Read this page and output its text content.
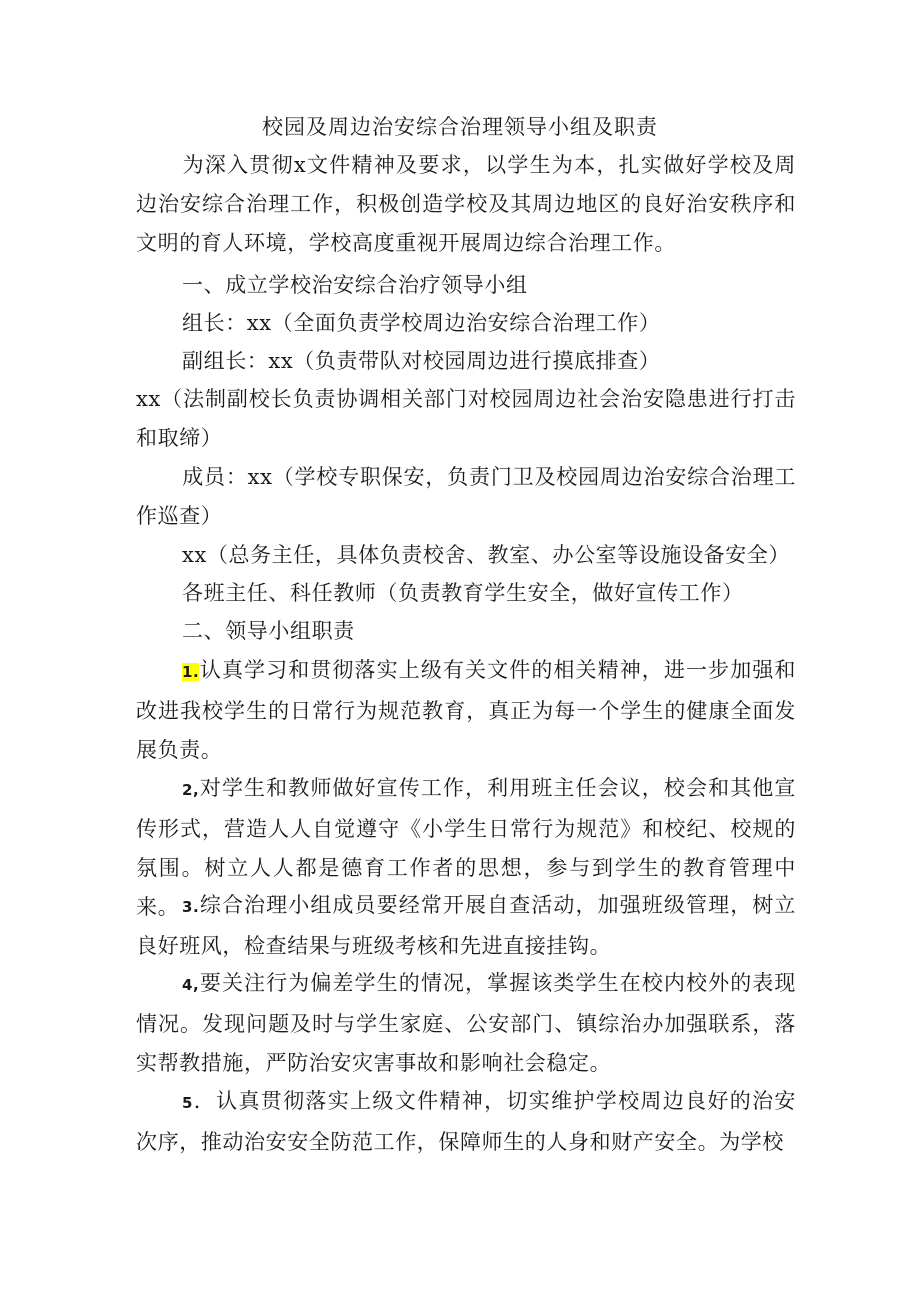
校园及周边治安综合治理领导小组及职责
为深入贯彻x文件精神及要求，以学生为本，扎实做好学校及周边治安综合治理工作，积极创造学校及其周边地区的良好治安秩序和文明的育人环境，学校高度重视开展周边综合治理工作。
一、成立学校治安综合治疗领导小组
组长：xx（全面负责学校周边治安综合治理工作）
副组长：xx（负责带队对校园周边进行摸底排查）
xx（法制副校长负责协调相关部门对校园周边社会治安隐患进行打击和取缔）
成员：xx（学校专职保安，负责门卫及校园周边治安综合治理工作巡查）
xx（总务主任，具体负责校舍、教室、办公室等设施设备安全）
各班主任、科任教师（负责教育学生安全，做好宣传工作）
二、领导小组职责
1.认真学习和贯彻落实上级有关文件的相关精神，进一步加强和改进我校学生的日常行为规范教育，真正为每一个学生的健康全面发展负责。
2,对学生和教师做好宣传工作，利用班主任会议，校会和其他宣传形式，营造人人自觉遵守《小学生日常行为规范》和校纪、校规的氛围。树立人人都是德育工作者的思想，参与到学生的教育管理中来。 3.综合治理小组成员要经常开展自查活动，加强班级管理，树立良好班风，检查结果与班级考核和先进直接挂钩。
4,要关注行为偏差学生的情况，掌握该类学生在校内校外的表现情况。发现问题及时与学生家庭、公安部门、镇综治办加强联系，落实帮教措施，严防治安灾害事故和影响社会稳定。
5．认真贯彻落实上级文件精神，切实维护学校周边良好的治安次序，推动治安安全防范工作，保障师生的人身和财产安全。为学校
